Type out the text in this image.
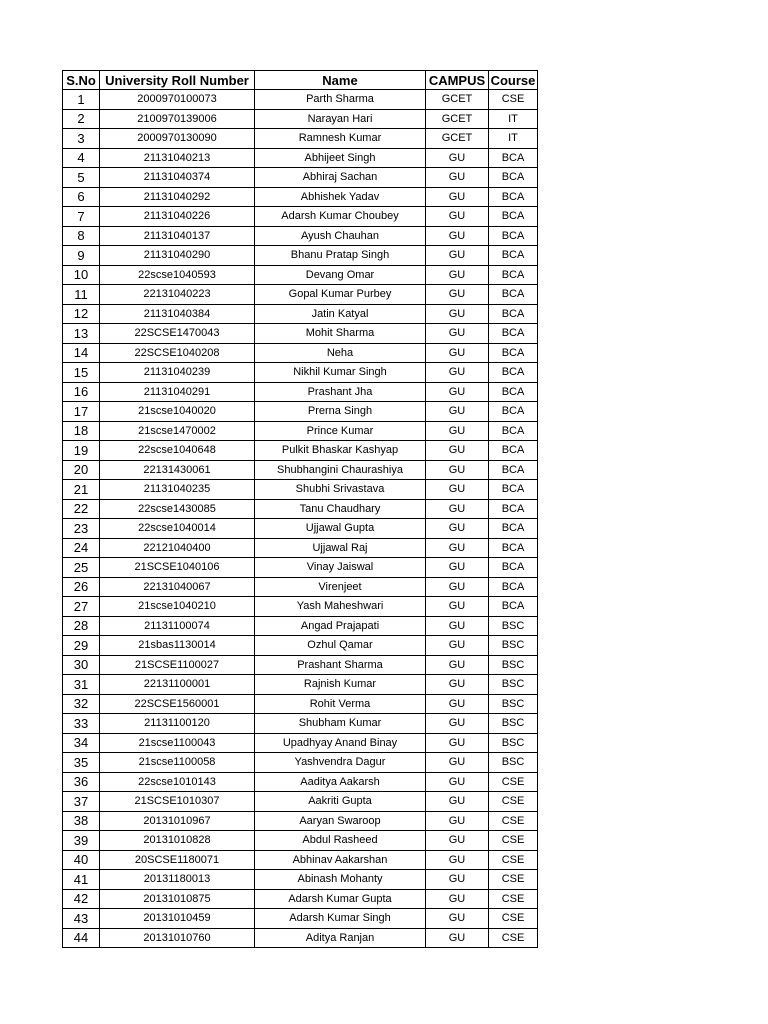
S.No	University Roll Number	Name	CAMPUS	Course
1	2000970100073	Parth Sharma	GCET	CSE
2	2100970139006	Narayan Hari	GCET	IT
3	2000970130090	Ramnesh Kumar	GCET	IT
4	21131040213	Abhijeet Singh	GU	BCA
5	21131040374	Abhiraj Sachan	GU	BCA
6	21131040292	Abhishek Yadav	GU	BCA
7	21131040226	Adarsh Kumar Choubey	GU	BCA
8	21131040137	Ayush Chauhan	GU	BCA
9	21131040290	Bhanu Pratap Singh	GU	BCA
10	22scse1040593	Devang Omar	GU	BCA
11	22131040223	Gopal Kumar Purbey	GU	BCA
12	21131040384	Jatin Katyal	GU	BCA
13	22SCSE1470043	Mohit Sharma	GU	BCA
14	22SCSE1040208	Neha	GU	BCA
15	21131040239	Nikhil Kumar Singh	GU	BCA
16	21131040291	Prashant Jha	GU	BCA
17	21scse1040020	Prerna Singh	GU	BCA
18	21scse1470002	Prince Kumar	GU	BCA
19	22scse1040648	Pulkit Bhaskar Kashyap	GU	BCA
20	22131430061	Shubhangini Chaurashiya	GU	BCA
21	21131040235	Shubhi Srivastava	GU	BCA
22	22scse1430085	Tanu Chaudhary	GU	BCA
23	22scse1040014	Ujjawal Gupta	GU	BCA
24	22121040400	Ujjawal Raj	GU	BCA
25	21SCSE1040106	Vinay Jaiswal	GU	BCA
26	22131040067	Virenjeet	GU	BCA
27	21scse1040210	Yash Maheshwari	GU	BCA
28	21131100074	Angad Prajapati	GU	BSC
29	21sbas1130014	Ozhul Qamar	GU	BSC
30	21SCSE1100027	Prashant Sharma	GU	BSC
31	22131100001	Rajnish Kumar	GU	BSC
32	22SCSE1560001	Rohit Verma	GU	BSC
33	21131100120	Shubham Kumar	GU	BSC
34	21scse1100043	Upadhyay Anand Binay	GU	BSC
35	21scse1100058	Yashvendra Dagur	GU	BSC
36	22scse1010143	Aaditya Aakarsh	GU	CSE
37	21SCSE1010307	Aakriti Gupta	GU	CSE
38	20131010967	Aaryan Swaroop	GU	CSE
39	20131010828	Abdul Rasheed	GU	CSE
40	20SCSE1180071	Abhinav Aakarshan	GU	CSE
41	20131180013	Abinash Mohanty	GU	CSE
42	20131010875	Adarsh Kumar Gupta	GU	CSE
43	20131010459	Adarsh Kumar Singh	GU	CSE
44	20131010760	Aditya Ranjan	GU	CSE
